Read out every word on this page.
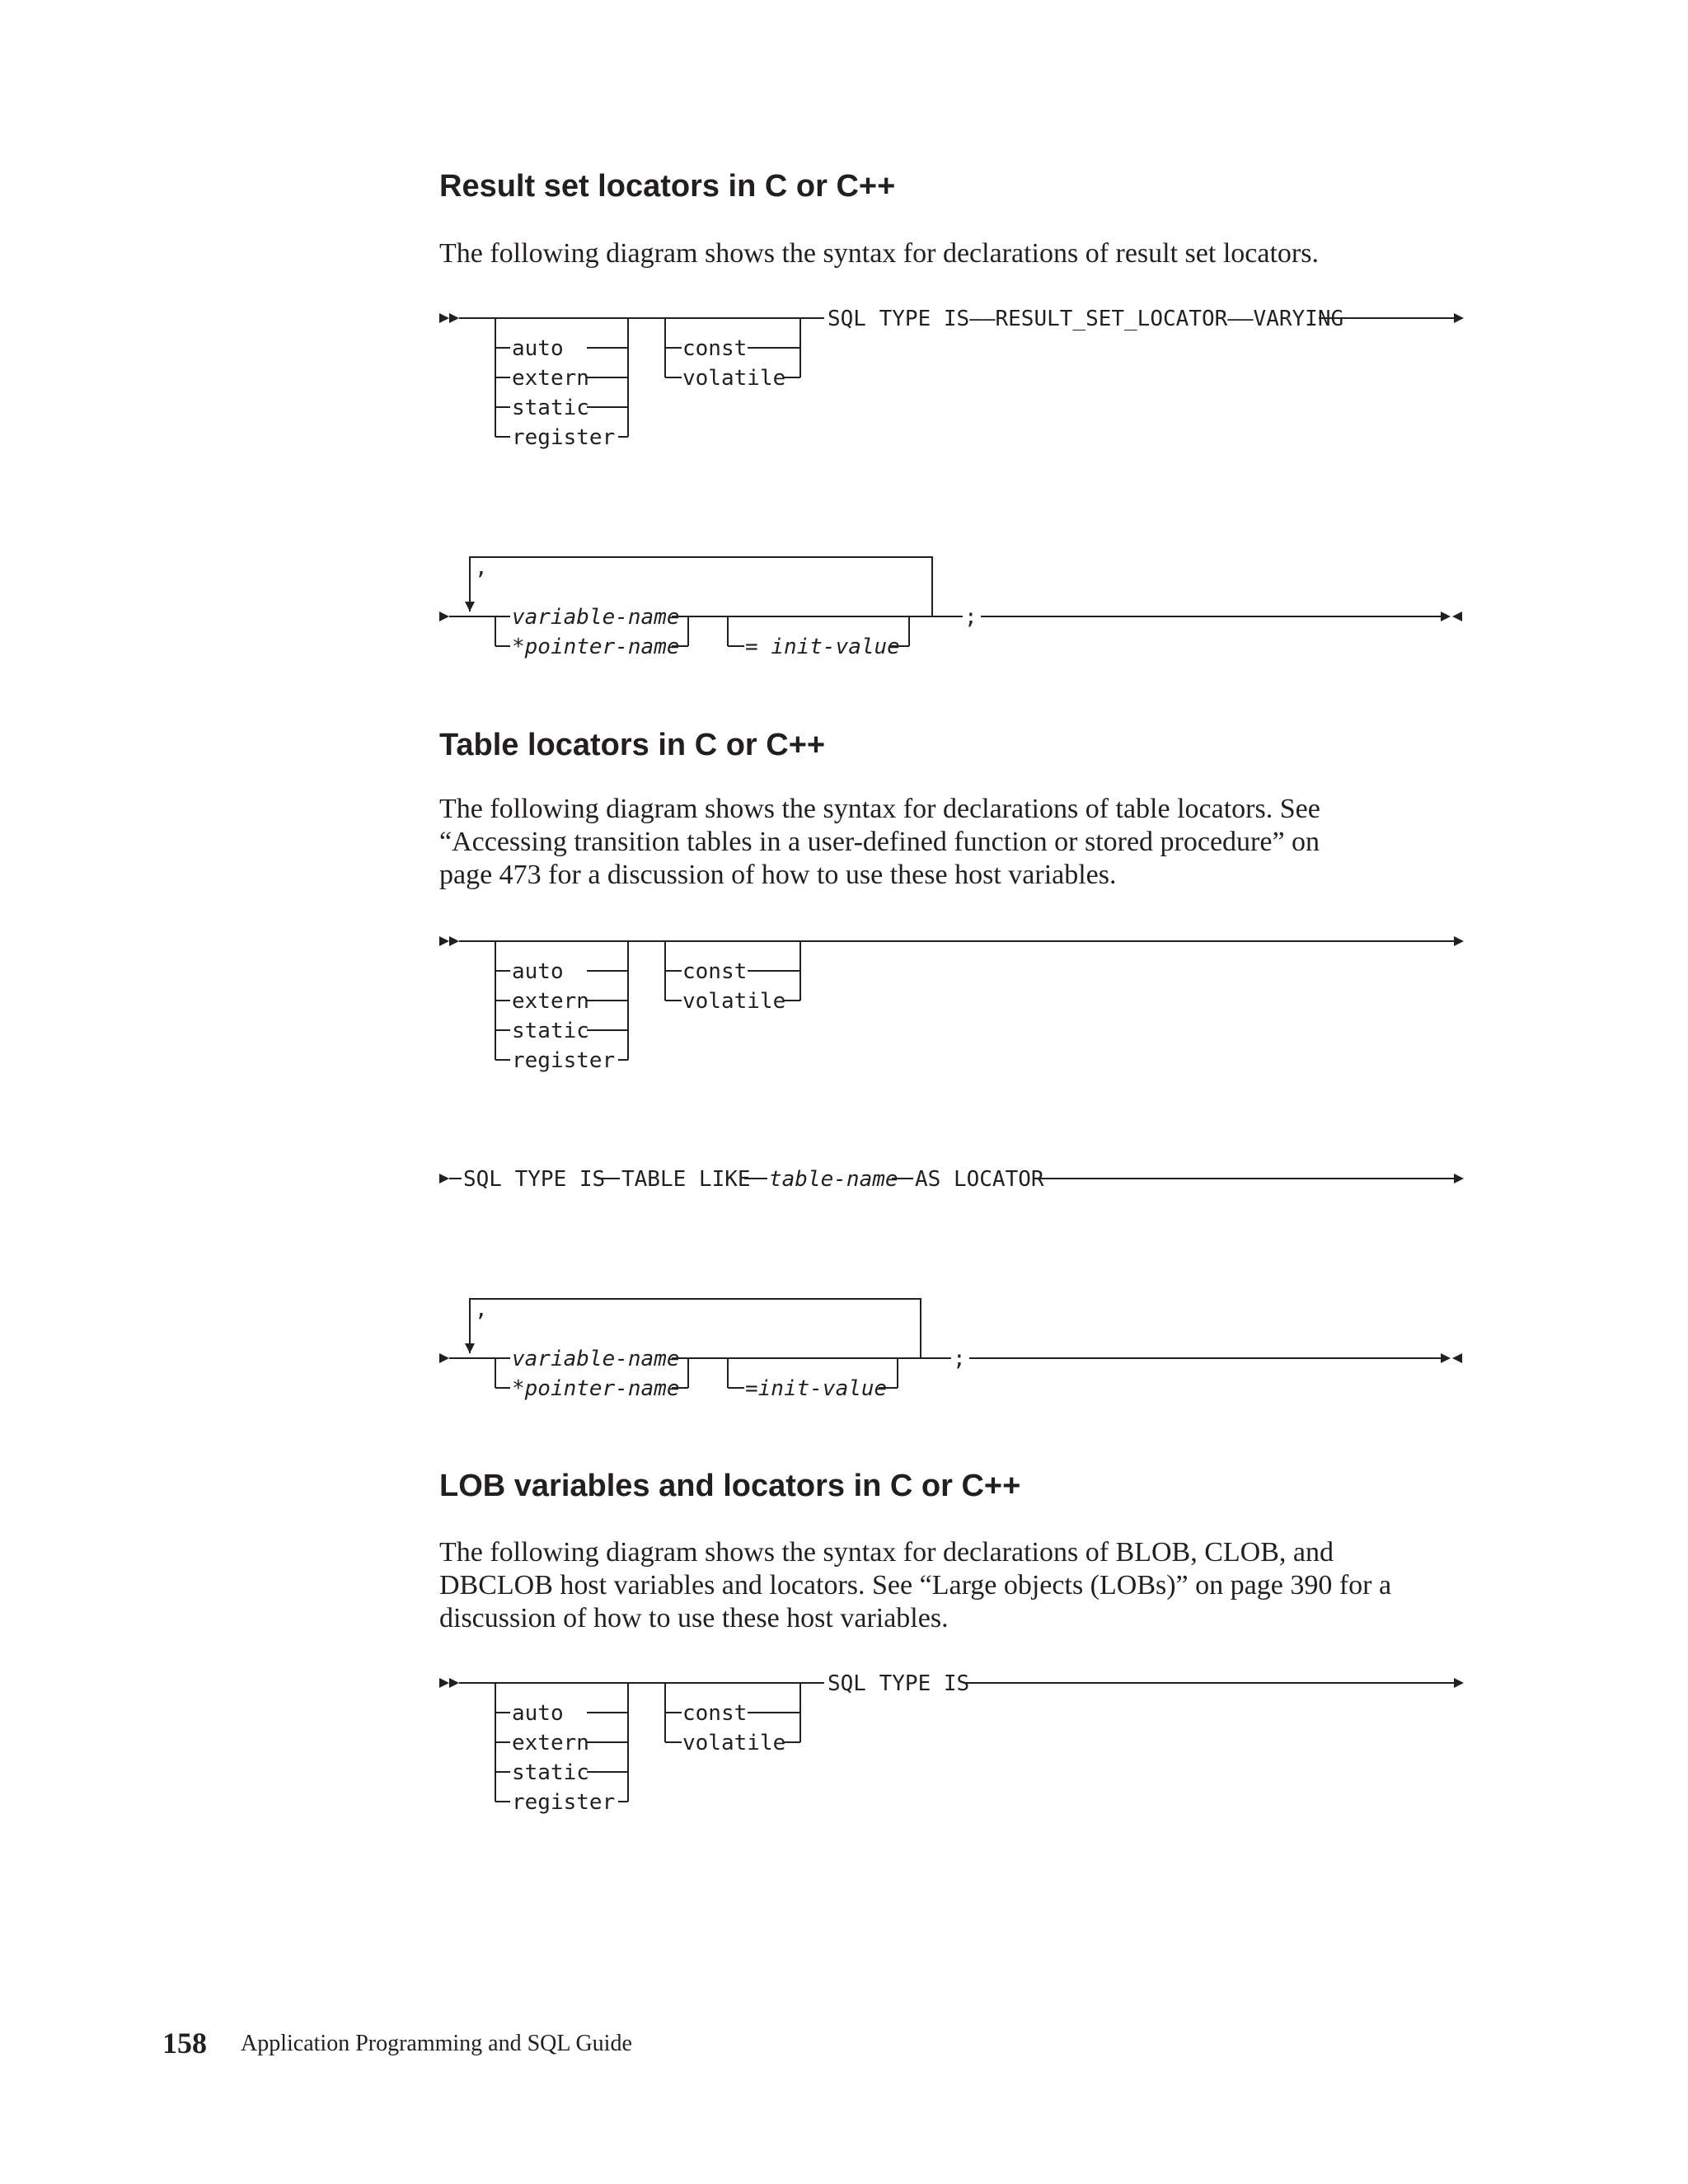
Result set locators in C or C++

The following diagram shows the syntax for declarations of result set locators.

auto
extern
static
register
const
volatile
SQL TYPE IS——RESULT_SET_LOCATOR——VARYING
,
variable-name
*pointer-name	= init-value
;
Table locators in C or C++

The following diagram shows the syntax for declarations of table locators. See
“Accessing transition tables in a user-defined function or stored procedure” on
page 473 for a discussion of how to use these host variables.

auto
extern
static
register
const
volatile
SQL TYPE IS TABLE LIKE table-name AS LOCATOR
,
variable-name
*pointer-name	=init-value
;
LOB variables and locators in C or C++

The following diagram shows the syntax for declarations of BLOB, CLOB, and
DBCLOB host variables and locators. See “Large objects (LOBs)” on page 390 for a
discussion of how to use these host variables.

auto
extern
static
register
const
volatile
SQL TYPE IS
158 Application Programming and SQL Guide
